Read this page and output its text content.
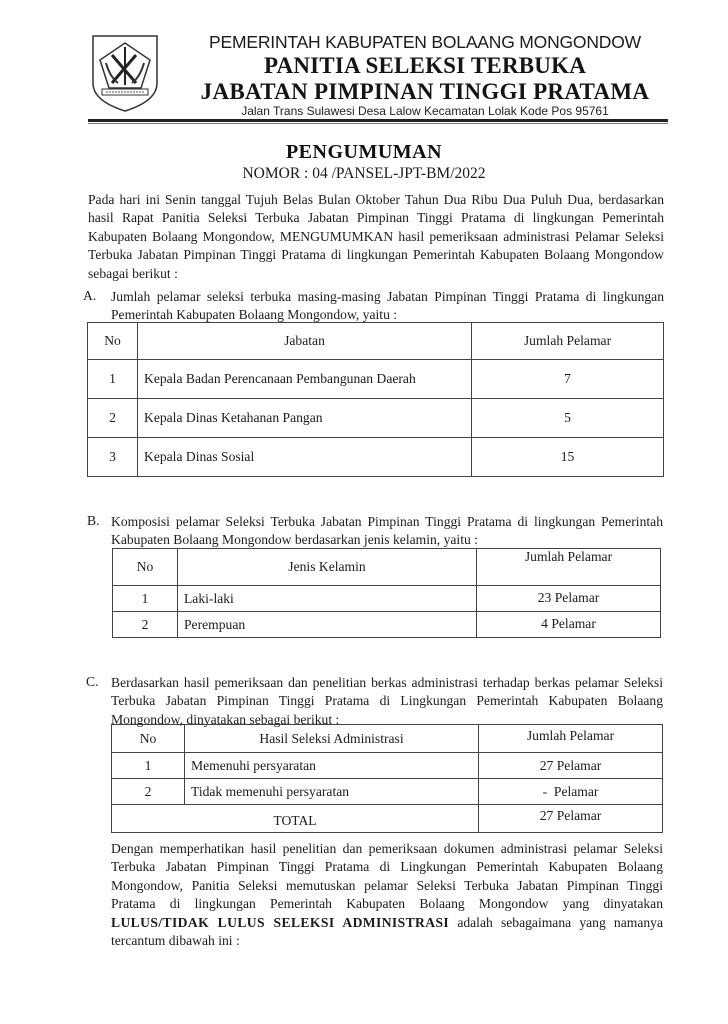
PEMERINTAH KABUPATEN BOLAANG MONGONDOW
PANITIA SELEKSI TERBUKA
JABATAN PIMPINAN TINGGI PRATAMA
Jalan Trans Sulawesi Desa Lalow Kecamatan Lolak Kode Pos 95761
PENGUMUMAN
NOMOR : 04 /PANSEL-JPT-BM/2022
Pada hari ini Senin tanggal Tujuh Belas Bulan Oktober Tahun Dua Ribu Dua Puluh Dua, berdasarkan hasil Rapat Panitia Seleksi Terbuka Jabatan Pimpinan Tinggi Pratama di lingkungan Pemerintah Kabupaten Bolaang Mongondow, MENGUMUMKAN hasil pemeriksaan administrasi Pelamar Seleksi Terbuka Jabatan Pimpinan Tinggi Pratama di lingkungan Pemerintah Kabupaten Bolaang Mongondow sebagai berikut :
A. Jumlah pelamar seleksi terbuka masing-masing Jabatan Pimpinan Tinggi Pratama di lingkungan Pemerintah Kabupaten Bolaang Mongondow, yaitu :
No	Jabatan	Jumlah Pelamar
1	Kepala Badan Perencanaan Pembangunan Daerah	7
2	Kepala Dinas Ketahanan Pangan	5
3	Kepala Dinas Sosial	15
B. Komposisi pelamar Seleksi Terbuka Jabatan Pimpinan Tinggi Pratama di lingkungan Pemerintah Kabupaten Bolaang Mongondow berdasarkan jenis kelamin, yaitu :
No	Jenis Kelamin	Jumlah Pelamar
1	Laki-laki	23 Pelamar
2	Perempuan	4 Pelamar
C. Berdasarkan hasil pemeriksaan dan penelitian berkas administrasi terhadap berkas pelamar Seleksi Terbuka Jabatan Pimpinan Tinggi Pratama di Lingkungan Pemerintah Kabupaten Bolaang Mongondow, dinyatakan sebagai berikut :
No	Hasil Seleksi Administrasi	Jumlah Pelamar
1	Memenuhi persyaratan	27 Pelamar
2	Tidak memenuhi persyaratan	-  Pelamar
TOTAL		27 Pelamar
Dengan memperhatikan hasil penelitian dan pemeriksaan dokumen administrasi pelamar Seleksi Terbuka Jabatan Pimpinan Tinggi Pratama di Lingkungan Pemerintah Kabupaten Bolaang Mongondow, Panitia Seleksi memutuskan pelamar Seleksi Terbuka Jabatan Pimpinan Tinggi Pratama di lingkungan Pemerintah Kabupaten Bolaang Mongondow yang dinyatakan LULUS/TIDAK LULUS SELEKSI ADMINISTRASI adalah sebagaimana yang namanya tercantum dibawah ini :
